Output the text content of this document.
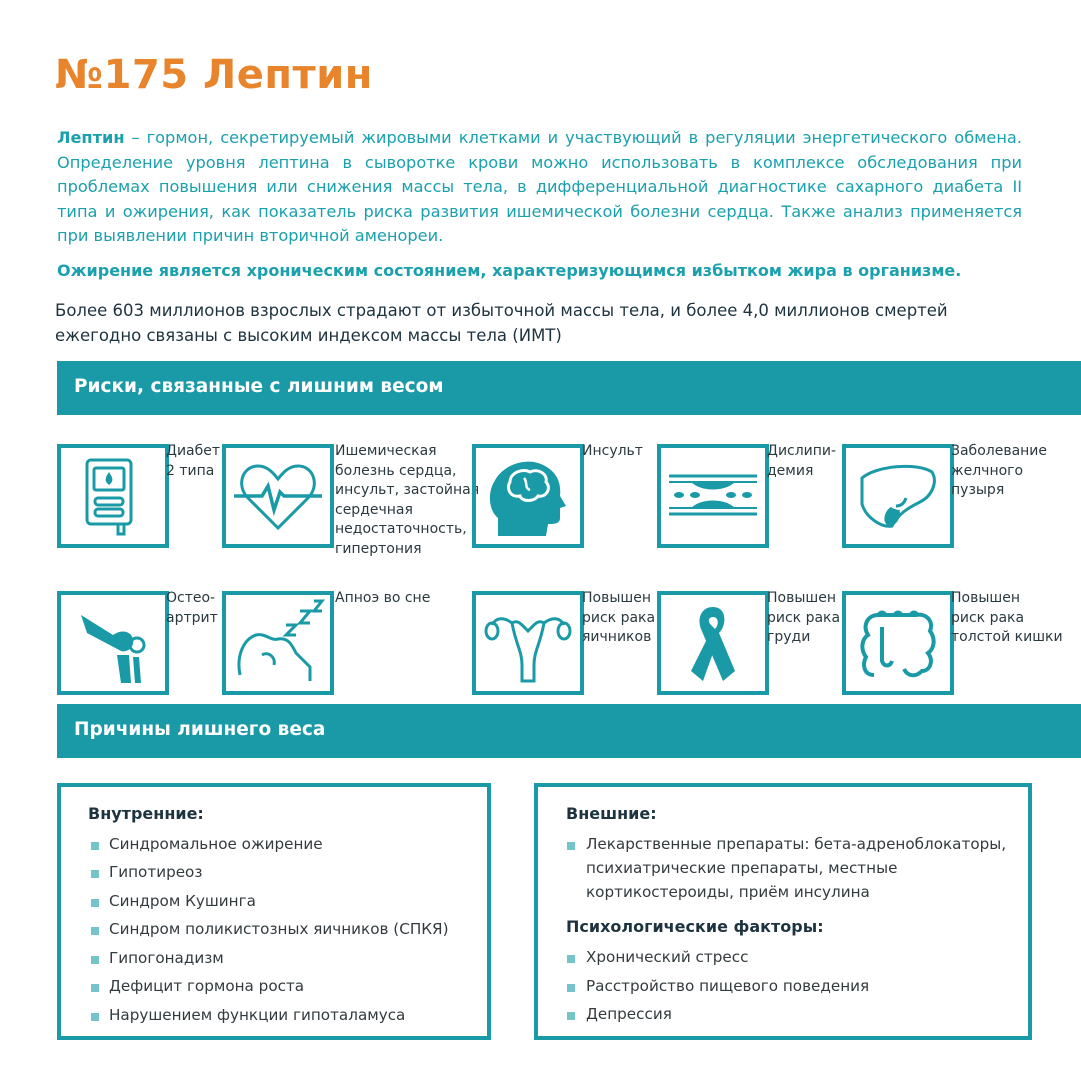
№175 Лептин
Лептин – гормон, секретируемый жировыми клетками и участвующий в регуляции энергетического обмена. Определение уровня лептина в сыворотке крови можно использовать в комплексе обследования при проблемах повышения или снижения массы тела, в дифференциальной диагностике сахарного диабета II типа и ожирения, как показатель риска развития ишемической болезни сердца. Также анализ применяется при выявлении причин вторичной аменореи.
Ожирение является хроническим состоянием, характеризующимся избытком жира в организме.
Более 603 миллионов взрослых страдают от избыточной массы тела, и более 4,0 миллионов смертей
ежегодно связаны с высоким индексом массы тела (ИМТ)
Риски, связанные с лишним весом
Диабет
2 типа
Ишемическая
болезнь сердца,
инсульт, застойная
сердечная
недостаточность,
гипертония
Инсульт	Дислипи-
демия
Заболевание
желчного
пузыря
Остео-
артрит
Апноэ во сне	Повышен
риск рака
яичников
Повышен
риск рака
груди
Повышен
риск рака
толстой кишки
Причины лишнего веса
Внутренние:
Синдромальное ожирение
Гипотиреоз
Синдром Кушинга
Синдром поликистозных яичников (СПКЯ)
Гипогонадизм
Дефицит гормона роста
Нарушением функции гипоталамуса
Внешние:
Лекарственные препараты: бета-адреноблокаторы,
психиатрические препараты, местные
кортикостероиды, приём инсулина
Психологические факторы:
Хронический стресс
Расстройство пищевого поведения
Депрессия
